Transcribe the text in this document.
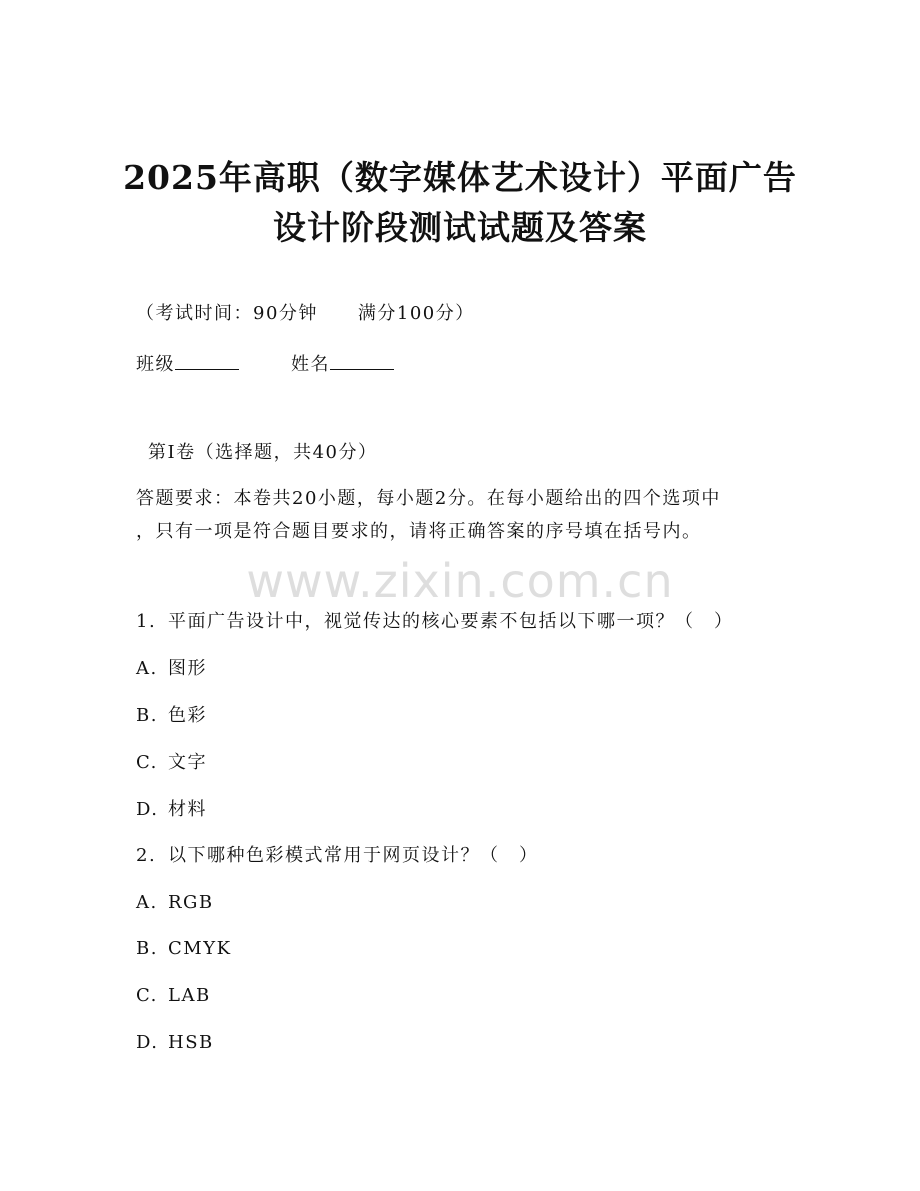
2025年高职（数字媒体艺术设计）平面广告
设计阶段测试试题及答案
（考试时间：90分钟 满分100分）
班级	姓名
第I卷（选择题，共40分）
答题要求：本卷共20小题，每小题2分。在每小题给出的四个选项中
，只有一项是符合题目要求的，请将正确答案的序号填在括号内。
www.zixin.com.cn
1. 平面广告设计中，视觉传达的核心要素不包括以下哪一项？（　）
A. 图形
B. 色彩
C. 文字
D. 材料
2. 以下哪种色彩模式常用于网页设计？（　）
A. RGB
B. CMYK
C. LAB
D. HSB
